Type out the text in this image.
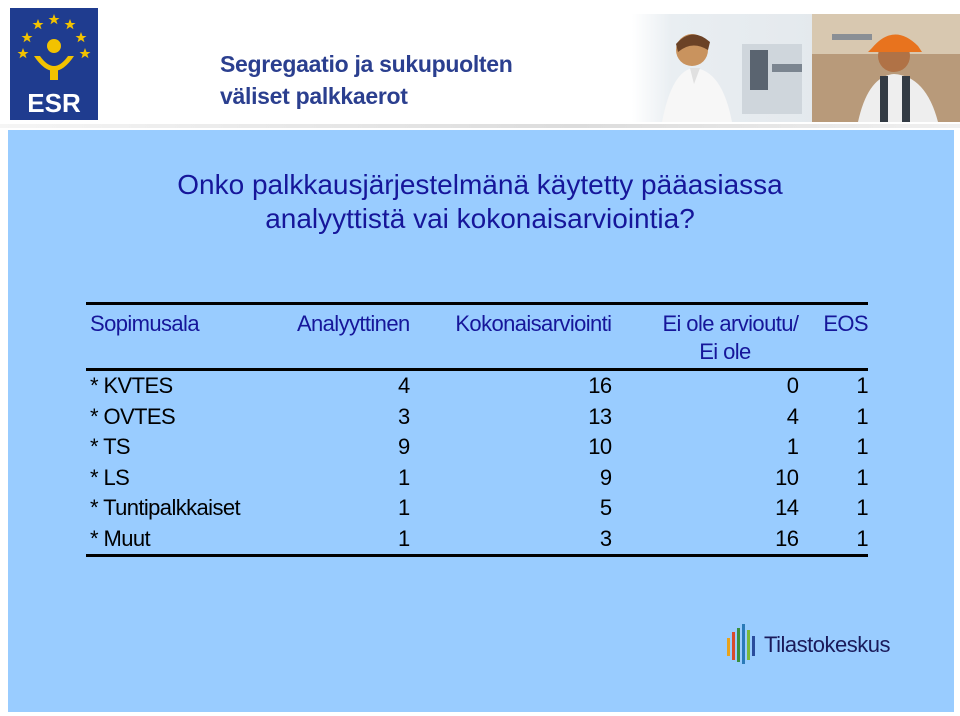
ESR
Segregaatio ja sukupuolten
väliset palkkaerot
Onko palkkausjärjestelmänä käytetty pääasiassa
analyyttistä vai kokonaisarviointia?
Sopimusala	Analyyttinen	Kokonaisarviointi	Ei ole arvioutu/	EOS
			Ei ole	
* KVTES	4	16	0	1
* OVTES	3	13	4	1
* TS	9	10	1	1
* LS	1	9	10	1
* Tuntipalkkaiset	1	5	14	1
* Muut	1	3	16	1
Tilastokeskus
